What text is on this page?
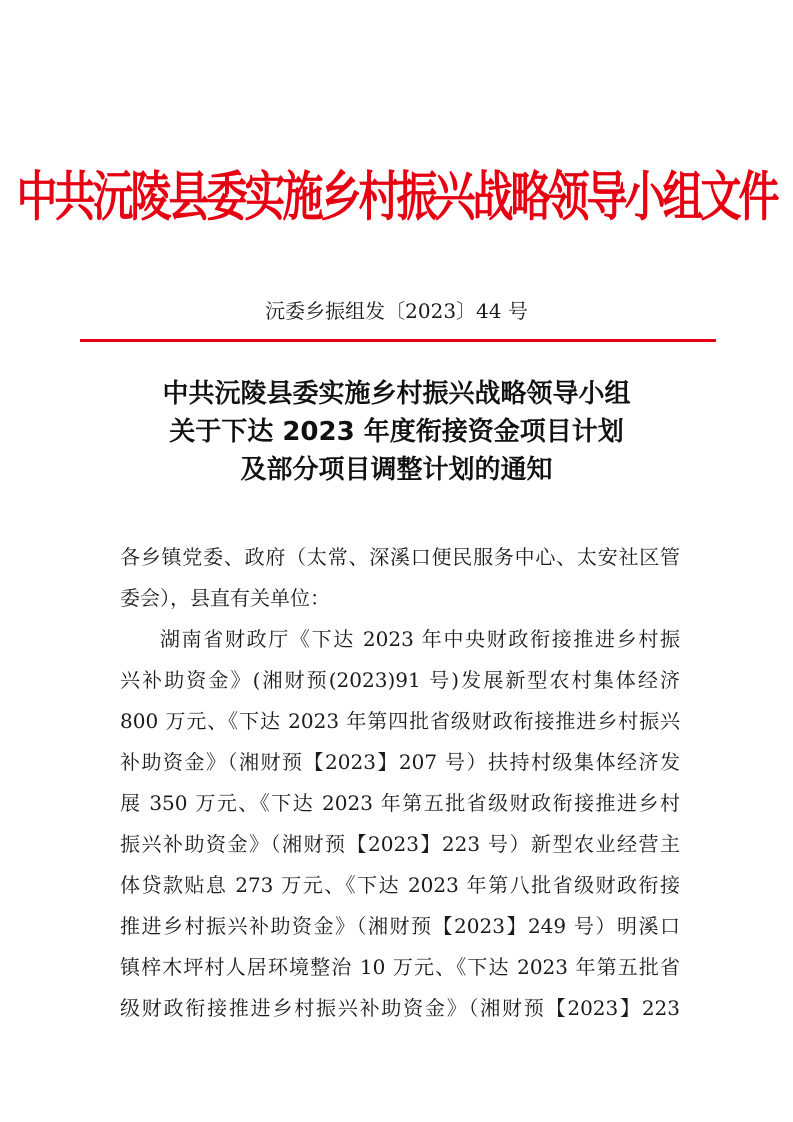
中共沅陵县委实施乡村振兴战略领导小组文件
沅委乡振组发〔2023〕44 号
中共沅陵县委实施乡村振兴战略领导小组
关于下达 2023 年度衔接资金项目计划
及部分项目调整计划的通知
各乡镇党委、政府（太常、深溪口便民服务中心、太安社区管
委会），县直有关单位：
湖南省财政厅《下达 2023 年中央财政衔接推进乡村振
兴补助资金》(湘财预(2023)91 号)发展新型农村集体经济
800 万元、《下达 2023 年第四批省级财政衔接推进乡村振兴
补助资金》（湘财预【2023】207 号）扶持村级集体经济发
展 350 万元、《下达 2023 年第五批省级财政衔接推进乡村
振兴补助资金》（湘财预【2023】223 号）新型农业经营主
体贷款贴息 273 万元、《下达 2023 年第八批省级财政衔接
推进乡村振兴补助资金》（湘财预【2023】249 号）明溪口
镇梓木坪村人居环境整治 10 万元、《下达 2023 年第五批省
级财政衔接推进乡村振兴补助资金》（湘财预【2023】223
